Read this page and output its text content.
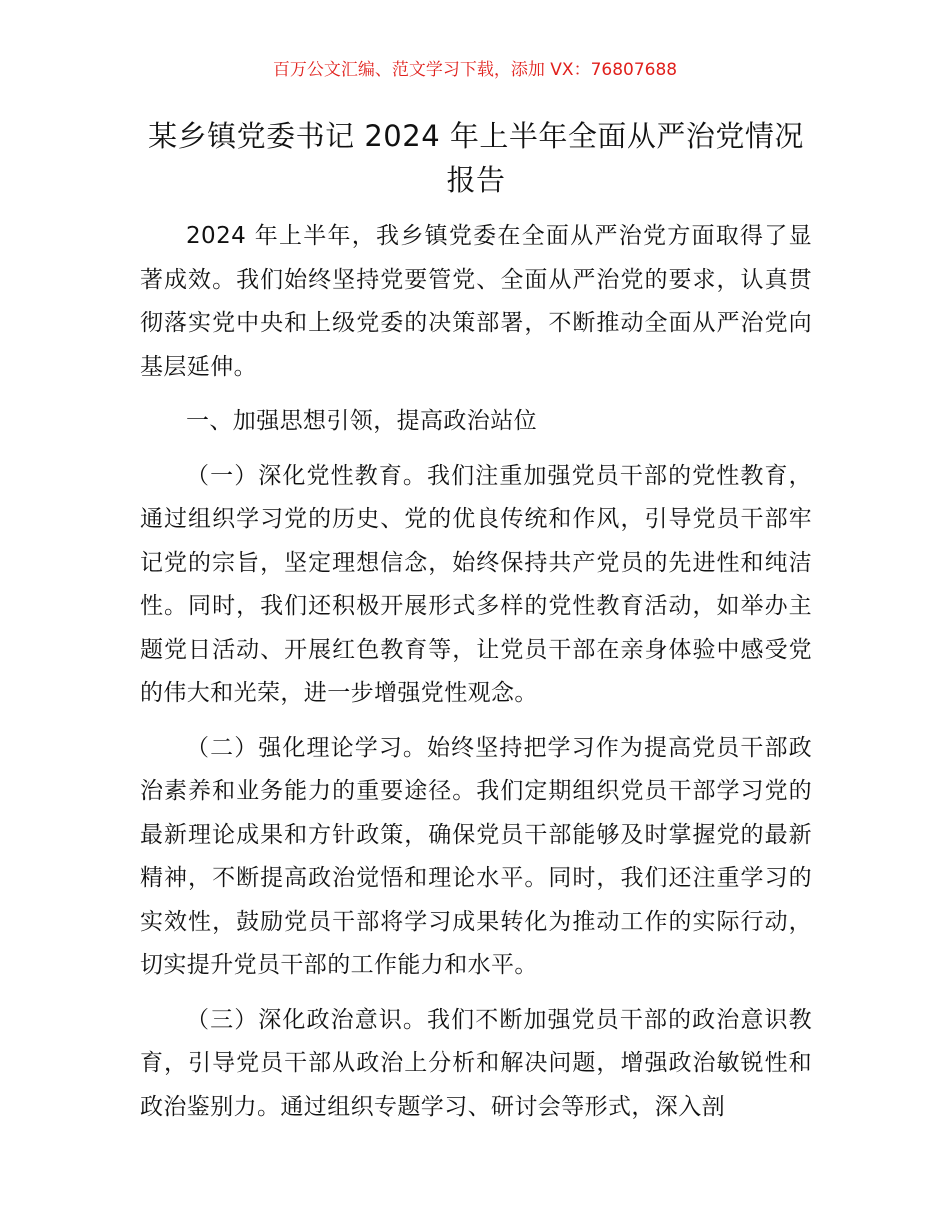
百万公文汇编、范文学习下载，添加 VX：76807688
某乡镇党委书记 2024 年上半年全面从严治党情况报告

2024 年上半年，我乡镇党委在全面从严治党方面取得了显著成效。我们始终坚持党要管党、全面从严治党的要求，认真贯彻落实党中央和上级党委的决策部署，不断推动全面从严治党向基层延伸。

一、加强思想引领，提高政治站位

（一）深化党性教育。我们注重加强党员干部的党性教育，通过组织学习党的历史、党的优良传统和作风，引导党员干部牢记党的宗旨，坚定理想信念，始终保持共产党员的先进性和纯洁性。同时，我们还积极开展形式多样的党性教育活动，如举办主题党日活动、开展红色教育等，让党员干部在亲身体验中感受党的伟大和光荣，进一步增强党性观念。

（二）强化理论学习。始终坚持把学习作为提高党员干部政治素养和业务能力的重要途径。我们定期组织党员干部学习党的最新理论成果和方针政策，确保党员干部能够及时掌握党的最新精神，不断提高政治觉悟和理论水平。同时，我们还注重学习的实效性，鼓励党员干部将学习成果转化为推动工作的实际行动，切实提升党员干部的工作能力和水平。

（三）深化政治意识。我们不断加强党员干部的政治意识教育，引导党员干部从政治上分析和解决问题，增强政治敏锐性和政治鉴别力。通过组织专题学习、研讨会等形式，深入剖
